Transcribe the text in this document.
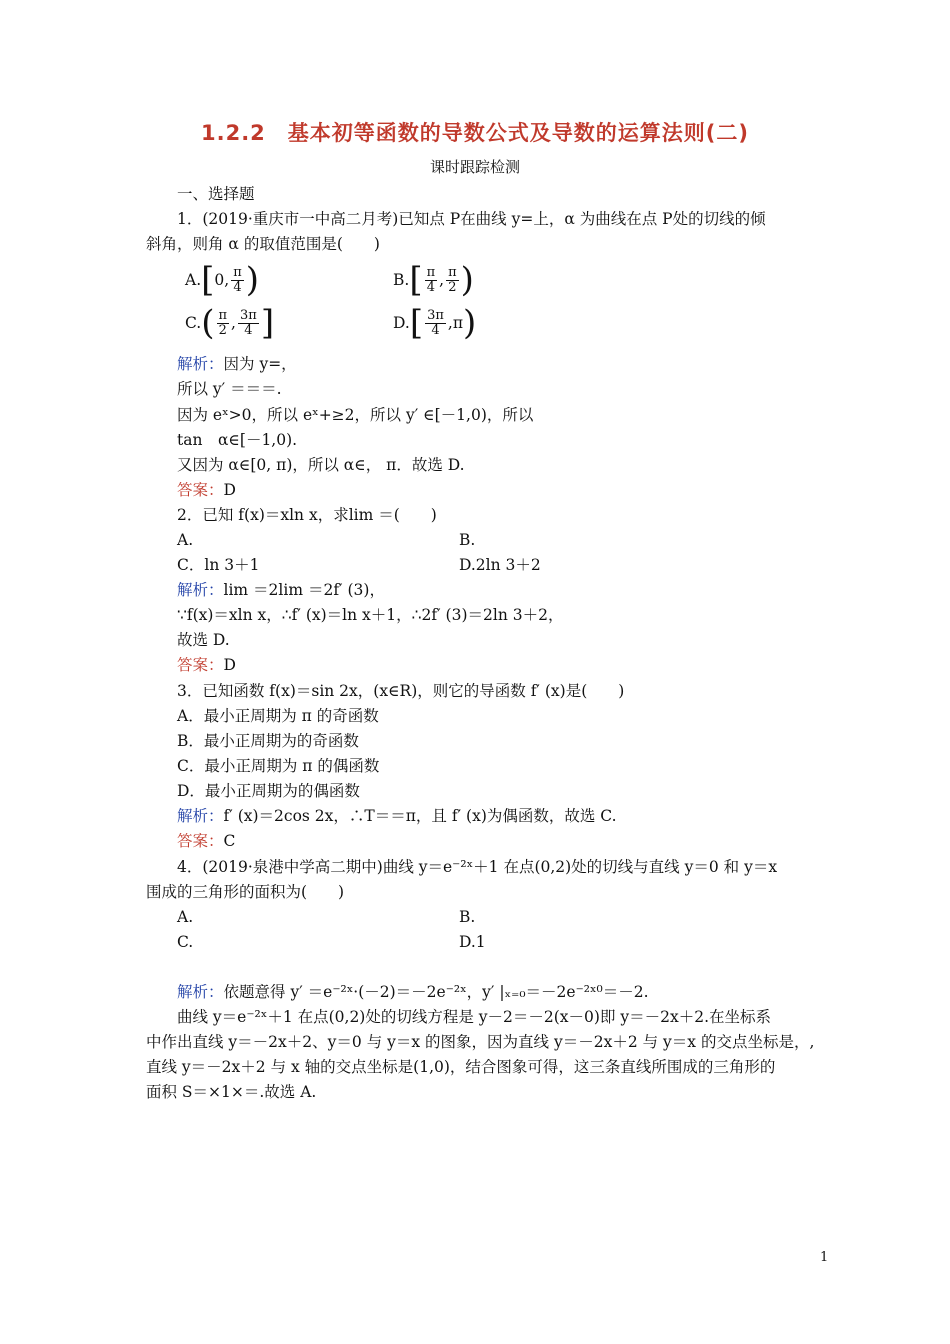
1.2.2　基本初等函数的导数公式及导数的运算法则(二)
课时跟踪检测
一、选择题
1．(2019·重庆市一中高二月考)已知点 P在曲线 y=上，α 为曲线在点 P处的切线的倾
斜角，则角 α 的取值范围是(　　)
A. [ 0 , $\frac{\pi}{4}$ )	B. [ $\frac{\pi}{4}$ , $\frac{\pi}{2}$ )
C. ( $\frac{\pi}{2}$ , $\frac{3\pi}{4}$ ]	D. [ $\frac{3\pi}{4}$ , π )
解析：因为 y=，
所以 y′ ＝＝＝.
因为 eˣ>0，所以 eˣ+≥2，所以 y′ ∈[－1,0)，所以
tan　α∈[－1,0).
又因为 α∈[0, π)，所以 α∈， π．故选 D.
答案：D
2．已知 f(x)＝xln x，求lim ＝(　　)
A.	B.
C．ln 3＋1	D.2ln 3＋2
解析：lim ＝2lim ＝2f′ (3)，
∵f(x)＝xln x，∴f′ (x)＝ln x＋1，∴2f′ (3)＝2ln 3＋2，
故选 D.
答案：D
3．已知函数 f(x)＝sin 2x，(x∈R)，则它的导函数 f′ (x)是(　　)
A．最小正周期为 π 的奇函数
B．最小正周期为的奇函数
C．最小正周期为 π 的偶函数
D．最小正周期为的偶函数
解析：f′ (x)＝2cos 2x，∴T＝＝π，且 f′ (x)为偶函数，故选 C.
答案：C
4．(2019·泉港中学高二期中)曲线 y＝e⁻²ˣ＋1 在点(0,2)处的切线与直线 y＝0 和 y＝x
围成的三角形的面积为(　　)
A.	B.
C.	D.1
解析：依题意得 y′ ＝e⁻²ˣ·(－2)＝－2e⁻²ˣ，y′ |ₓ₌₀＝－2e⁻²ˣ⁰＝－2.
曲线 y＝e⁻²ˣ＋1 在点(0,2)处的切线方程是 y－2＝－2(x－0)即 y＝－2x＋2.在坐标系
中作出直线 y＝－2x＋2、y＝0 与 y＝x 的图象，因为直线 y＝－2x＋2 与 y＝x 的交点坐标是，,
直线 y＝－2x＋2 与 x 轴的交点坐标是(1,0)，结合图象可得，这三条直线所围成的三角形的
面积 S＝×1×＝.故选 A.
1
